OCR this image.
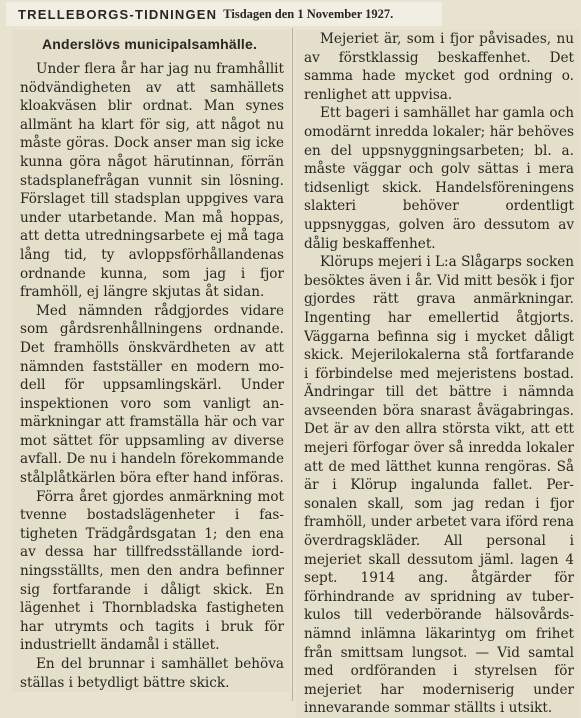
TRELLEBORGS-TIDNINGEN Tisdagen den 1 November 1927.
Anderslövs municipalsamhälle.

Under flera år har jag nu framhållit nödvändigheten av att samhällets kloakväsen blir ordnat. Man synes allmänt ha klart för sig, att något nu måste göras. Dock anser man sig icke kunna göra något härutinnan, förrän stadsplanefrågan vunnit sin lösning. Förslaget till stadsplan uppgives vara under utarbetande. Man må hoppas, att detta utredningsarbete ej må taga lång tid, ty avloppsförhållandenas ordnande kunna, som jag i fjor framhöll, ej längre skjutas åt sidan.

Med nämnden rådgjordes vidare som gårdsrenhållningens ordnande. Det framhölls önskvärdheten av att nämnden fastställer en modern modell för uppsamlingskärl. Under inspektionen voro som vanligt anmärkningar att framställa här och var mot sättet för uppsamling av diverse avfall. De nu i handeln förekommande stålplåtkärlen böra efter hand införas.

Förra året gjordes anmärkning mot tvenne bostadslägenheter i fastigheten Trädgårdsgatan 1; den ena av dessa har tillfredsställande iordningsställts, men den andra befinner sig fortfarande i dåligt skick. En lägenhet i Thornbladska fastigheten har utrymts och tagits i bruk för industriellt ändamål i stället.

En del brunnar i samhället behöva ställas i betydligt bättre skick.

Mejeriet är, som i fjor påvisades, nu av förstklassig beskaffenhet. Det samma hade mycket god ordning o. renlighet att uppvisa.

Ett bageri i samhället har gamla och omodärnt inredda lokaler; här behöves en del uppsnyggningsarbeten; bl. a. måste väggar och golv sättas i mera tidsenligt skick. Handelsföreningens slakteri behöver ordentligt uppsnyggas, golven äro dessutom av dålig beskaffenhet.

Klörups mejeri i L:a Slågarps socken besöktes även i år. Vid mitt besök i fjor gjordes rätt grava anmärkningar. Ingenting har emellertid åtgjorts. Väggarna befinna sig i mycket dåligt skick. Mejerilokalerna stå fortfarande i förbindelse med mejeristens bostad. Ändringar till det bättre i nämnda avseenden böra snarast åvägabringas. Det är av den allra största vikt, att ett mejeri förfogar över så inredda lokaler att de med lätthet kunna rengöras. Så är i Klörup ingalunda fallet. Personalen skall, som jag redan i fjor framhöll, under arbetet vara iförd rena överdragskläder. All personal i mejeriet skall dessutom jäml. lagen 4 sept. 1914 ang. åtgärder för förhindrande av spridning av tuberkulos till vederbörande hälsovårdsnämnd inlämna läkarintyg om frihet från smittsam lungsot. — Vid samtal med ordföranden i styrelsen för mejeriet har moderniserig under innevarande sommar ställts i utsikt.
